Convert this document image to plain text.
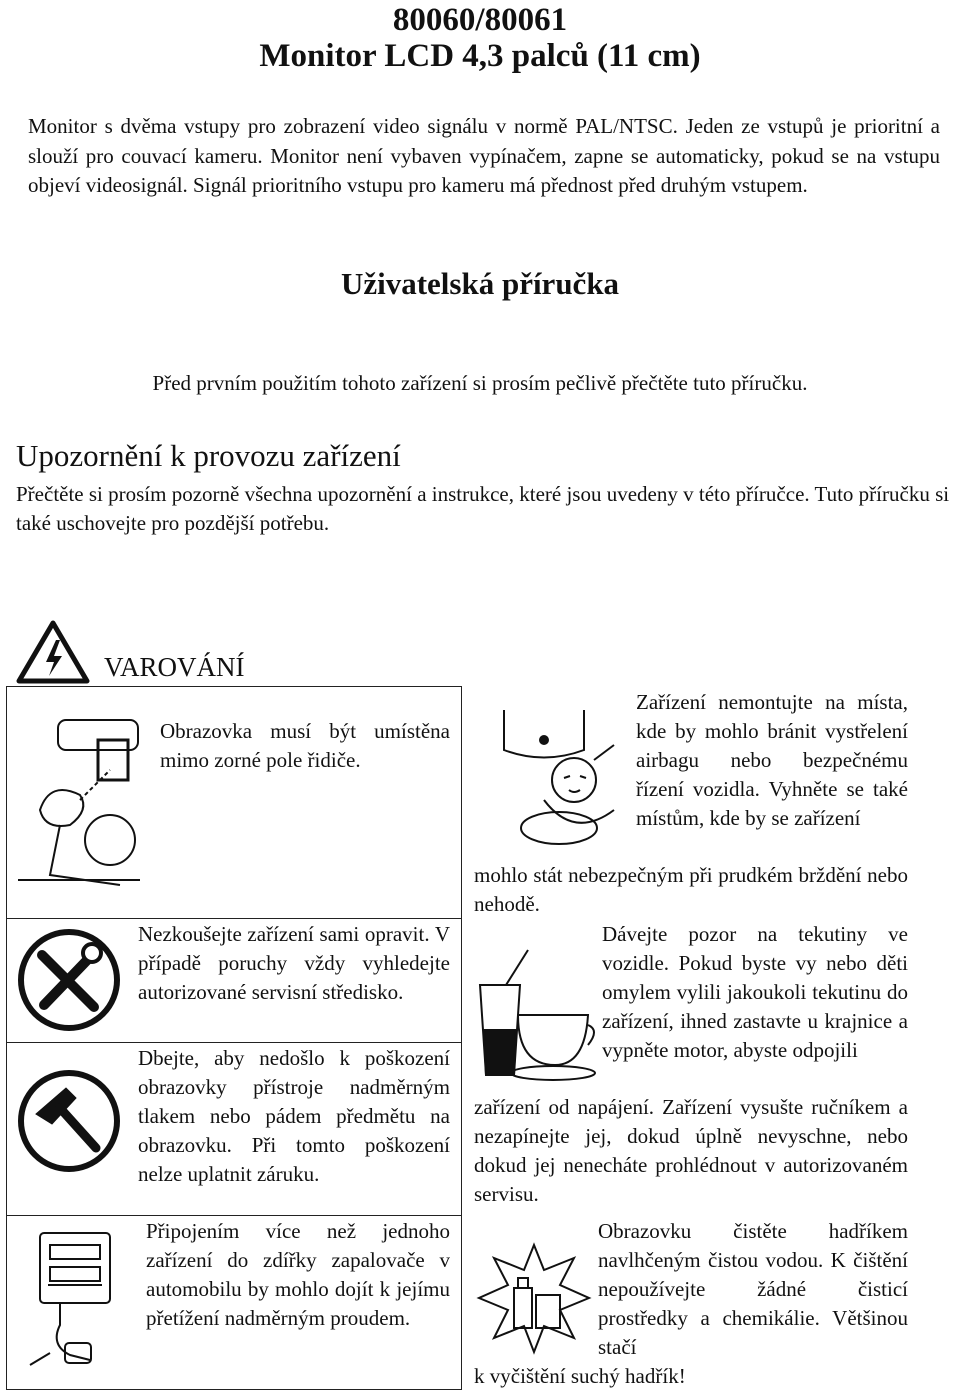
80060/80061
Monitor LCD 4,3 palců (11 cm)
Monitor s dvěma vstupy pro zobrazení video signálu v normě PAL/NTSC. Jeden ze vstupů je prioritní a slouží pro couvací kameru. Monitor není vybaven vypínačem, zapne se automaticky, pokud se na vstupu objeví videosignál. Signál prioritního vstupu pro kameru má přednost před druhým vstupem.
Uživatelská příručka
Před prvním použitím tohoto zařízení si prosím pečlivě přečtěte tuto příručku.
Upozornění k provozu zařízení
Přečtěte si prosím pozorně všechna upozornění a instrukce, které jsou uvedeny v této příručce. Tuto příručku si také uschovejte pro pozdější potřebu.
VAROVÁNÍ
Obrazovka musí být umístěna mimo zorné pole řidiče.
Nezkoušejte zařízení sami opravit. V případě poruchy vždy vyhledejte autorizované servisní středisko.
Dbejte, aby nedošlo k poškození obrazovky přístroje nadměrným tlakem nebo pádem předmětu na obrazovku. Při tomto poškození nelze uplatnit záruku.
Připojením více než jednoho zařízení do zdířky zapalovače v automobilu by mohlo dojít k jejímu přetížení nadměrným proudem.
Zařízení nemontujte na místa, kde by mohlo bránit vystřelení airbagu nebo bezpečnému řízení vozidla. Vyhněte se také místům, kde by se zařízení
mohlo stát nebezpečným při prudkém brždění nebo nehodě.
Dávejte pozor na tekutiny ve vozidle. Pokud byste vy nebo děti omylem vylili jakoukoli tekutinu do zařízení, ihned zastavte u krajnice a vypněte motor, abyste odpojili
zařízení od napájení. Zařízení vysušte ručníkem a nezapínejte jej, dokud úplně nevyschne, nebo dokud jej nenecháte prohlédnout v autorizovaném servisu.
Obrazovku čistěte hadříkem navlhčeným čistou vodou. K čištění nepoužívejte žádné čisticí prostředky a chemikálie. Většinou stačí
k vyčištění suchý hadřík!
